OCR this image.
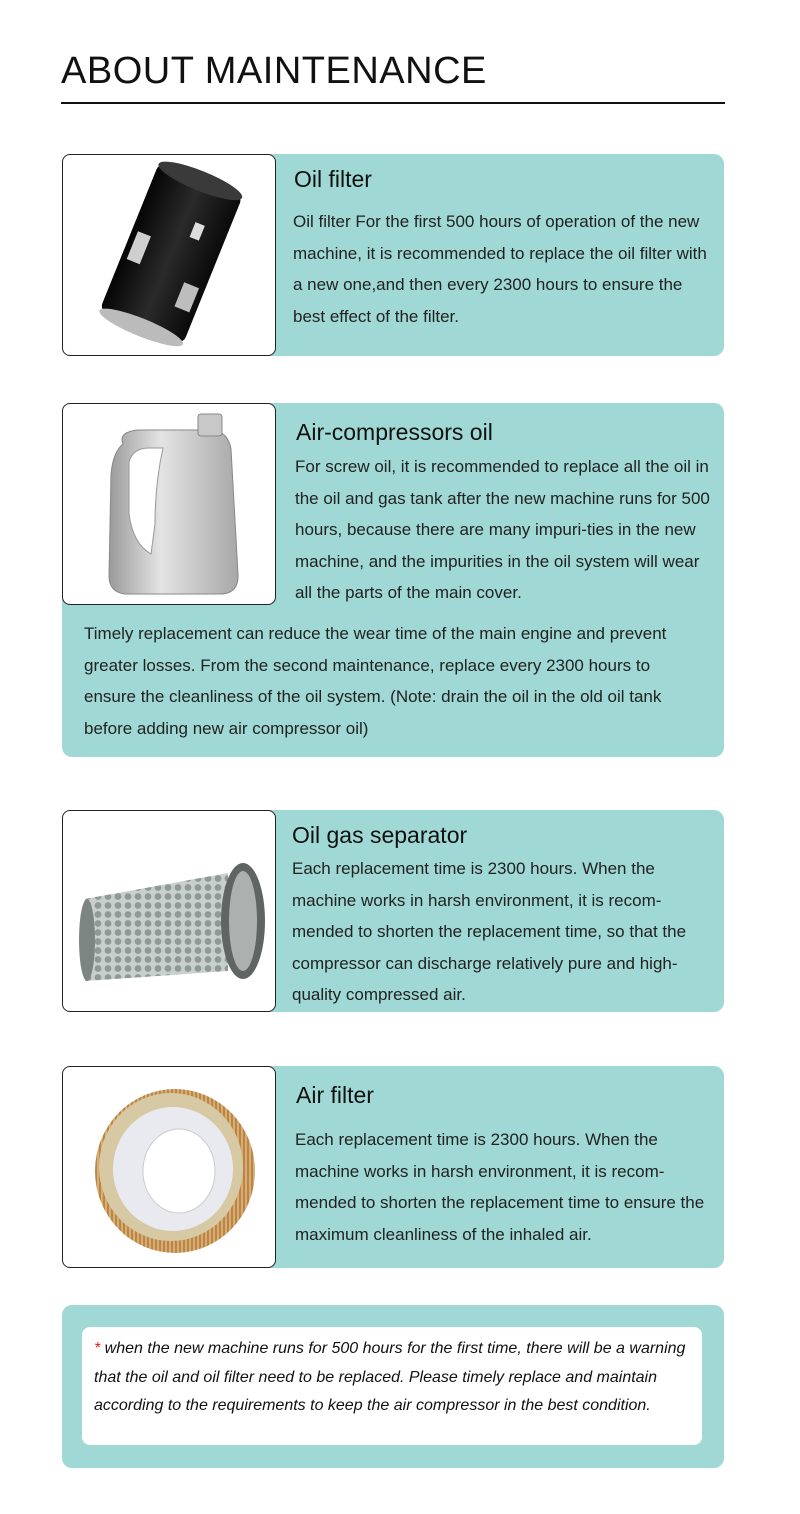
ABOUT MAINTENANCE
Oil filter
Oil filter For the first 500 hours of operation of the new machine, it is recommended to replace the oil filter with a new one,and then every 2300 hours to ensure the best effect of the filter.
Air-compressors oil
For screw oil, it is recommended to replace all the oil in the oil and gas tank after the new machine runs for 500 hours, because there are many impuri-ties in the new machine, and the impurities in the oil system will wear all the parts of the main cover.
Timely replacement can reduce the wear time of the main engine and prevent greater losses. From the second maintenance, replace every 2300 hours to ensure the cleanliness of the oil system. (Note: drain the oil in the old oil tank before adding new air compressor oil)
Oil gas separator
Each replacement time is 2300 hours. When the machine works in harsh environment, it is recom-mended to shorten the replacement time, so that the compressor can discharge relatively pure and high-quality compressed air.
Air filter
Each replacement time is 2300 hours. When the machine works in harsh environment, it is recom-mended to shorten the replacement time to ensure the maximum cleanliness of the inhaled air.
* when the new machine runs for 500 hours for the first time, there will be a warning that the oil and oil filter need to be replaced. Please timely replace and maintain according to the requirements to keep the air compressor in the best condition.
